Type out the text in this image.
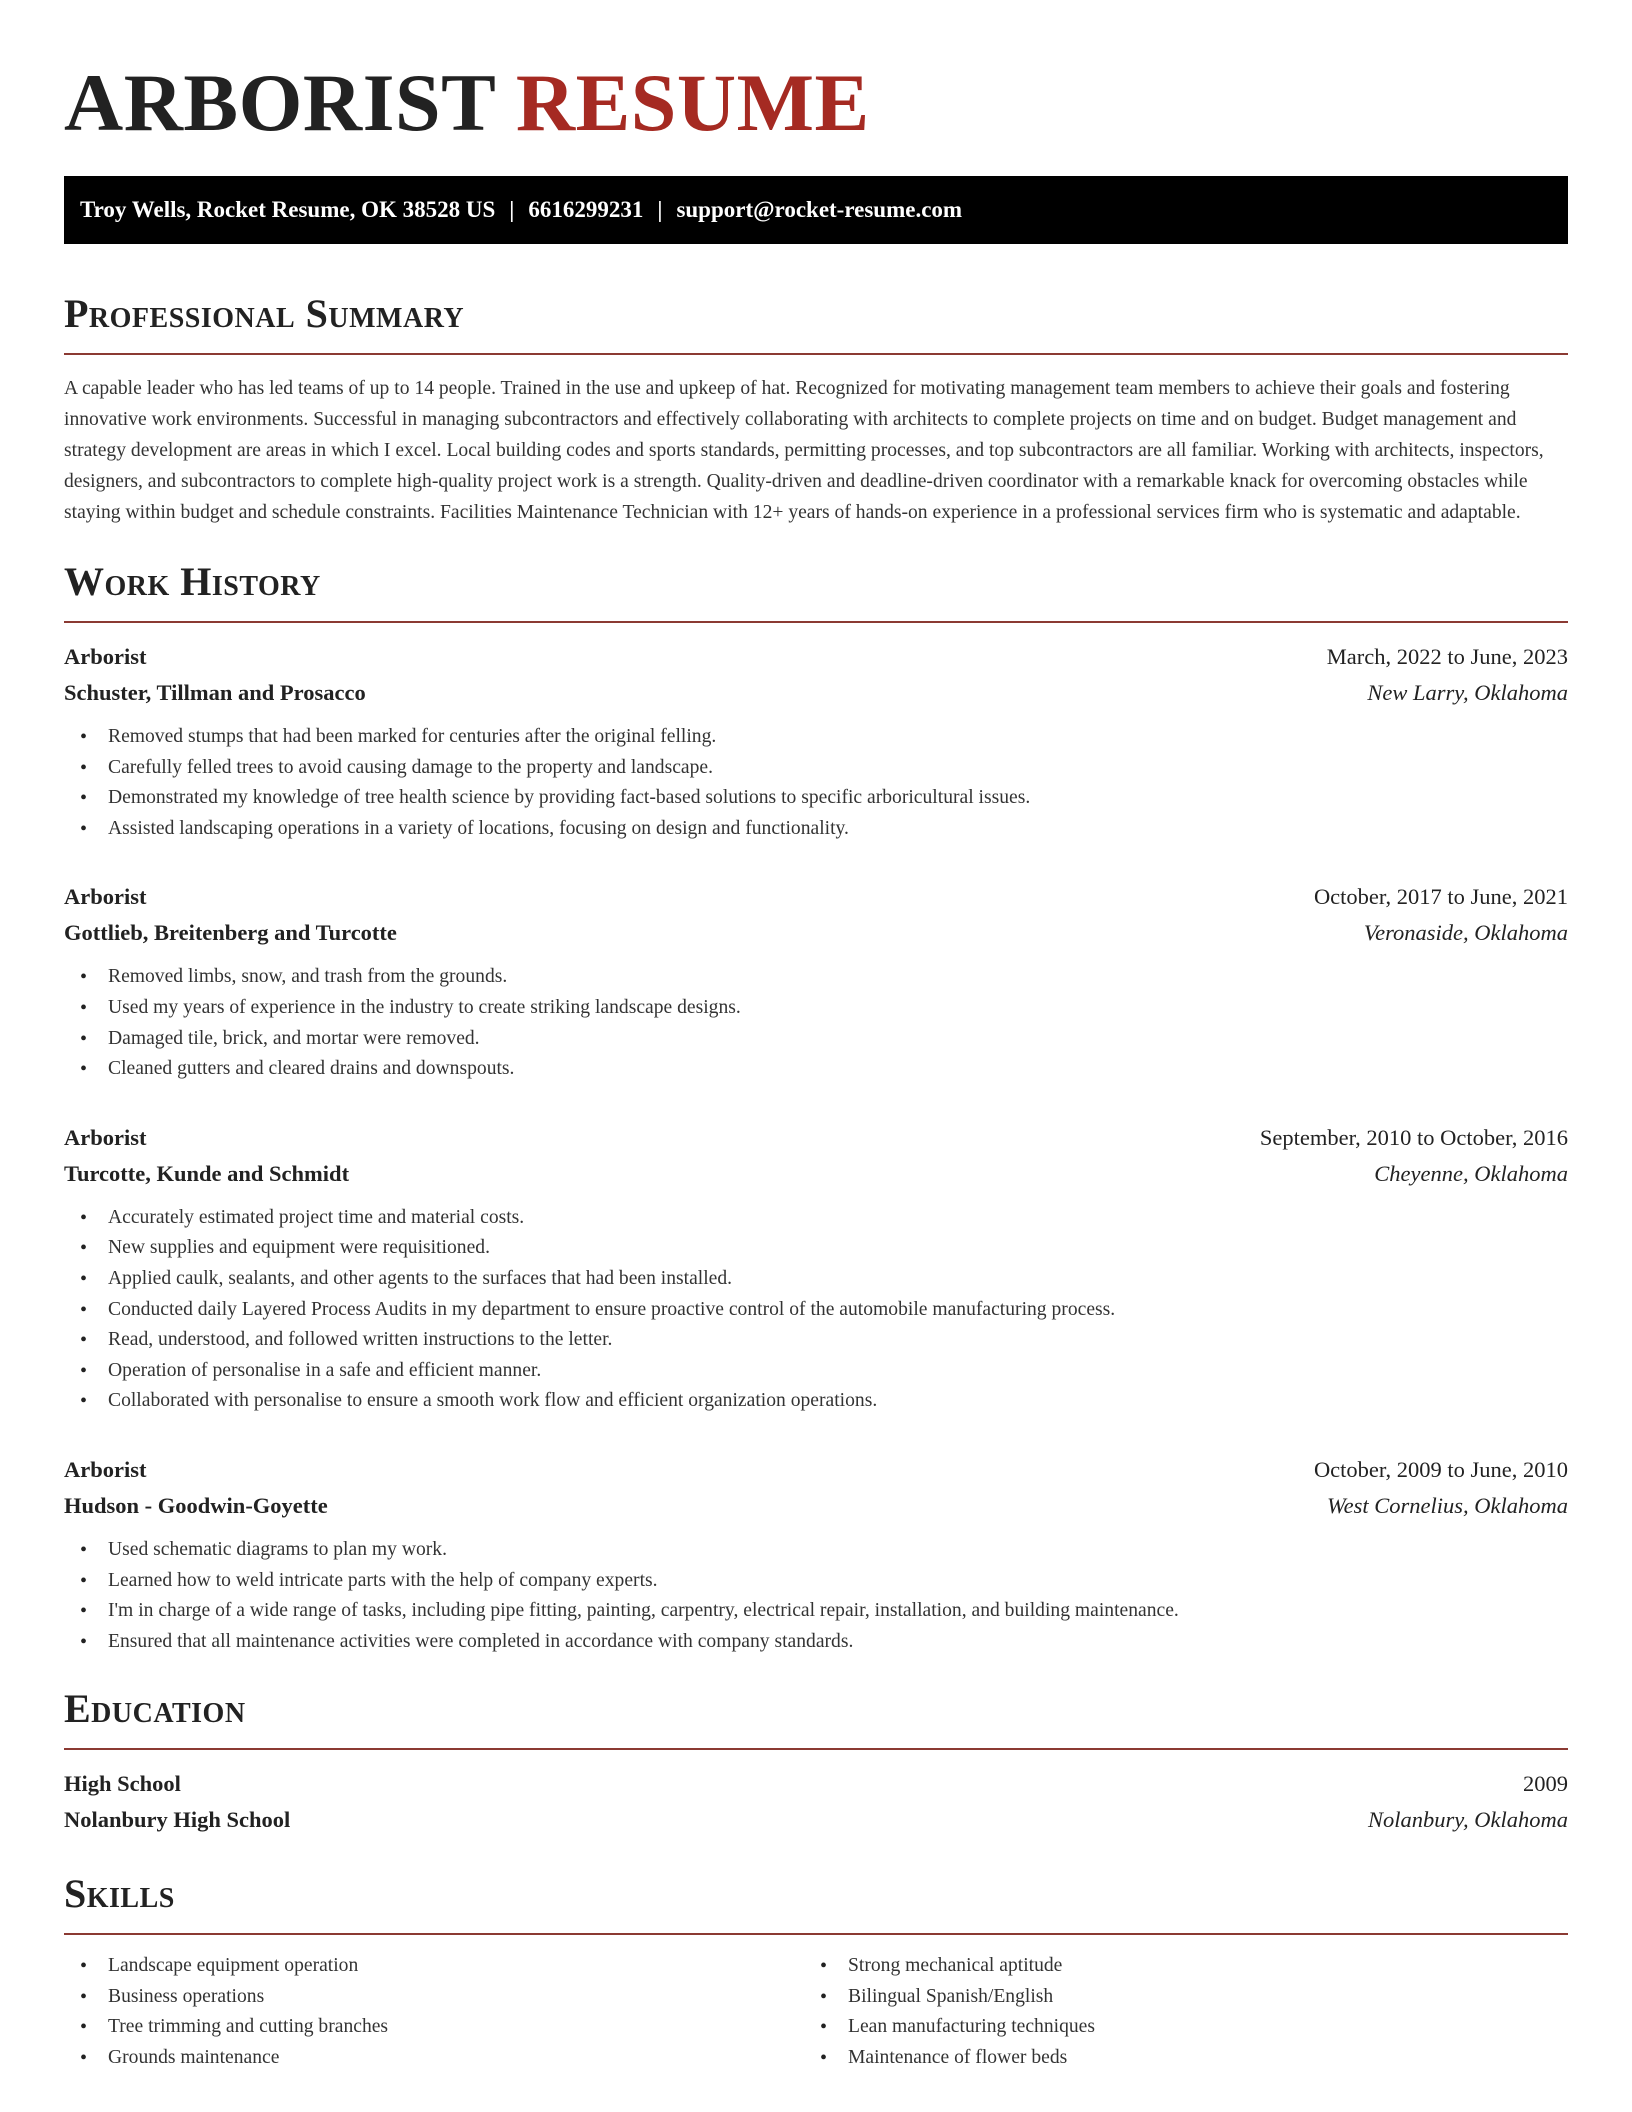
ARBORIST RESUME
Troy Wells, Rocket Resume, OK 38528 US | 6616299231 | support@rocket-resume.com
Professional Summary

A capable leader who has led teams of up to 14 people. Trained in the use and upkeep of hat. Recognized for motivating management team members to achieve their goals and fostering innovative work environments. Successful in managing subcontractors and effectively collaborating with architects to complete projects on time and on budget. Budget management and strategy development are areas in which I excel. Local building codes and sports standards, permitting processes, and top subcontractors are all familiar. Working with architects, inspectors, designers, and subcontractors to complete high-quality project work is a strength. Quality-driven and deadline-driven coordinator with a remarkable knack for overcoming obstacles while staying within budget and schedule constraints. Facilities Maintenance Technician with 12+ years of hands-on experience in a professional services firm who is systematic and adaptable.

Work History
Arborist	March, 2022 to June, 2023
Schuster, Tillman and Prosacco	New Larry, Oklahoma
• Removed stumps that had been marked for centuries after the original felling.
• Carefully felled trees to avoid causing damage to the property and landscape.
• Demonstrated my knowledge of tree health science by providing fact-based solutions to specific arboricultural issues.
• Assisted landscaping operations in a variety of locations, focusing on design and functionality.
Arborist	October, 2017 to June, 2021
Gottlieb, Breitenberg and Turcotte	Veronaside, Oklahoma
• Removed limbs, snow, and trash from the grounds.
• Used my years of experience in the industry to create striking landscape designs.
• Damaged tile, brick, and mortar were removed.
• Cleaned gutters and cleared drains and downspouts.
Arborist	September, 2010 to October, 2016
Turcotte, Kunde and Schmidt	Cheyenne, Oklahoma
• Accurately estimated project time and material costs.
• New supplies and equipment were requisitioned.
• Applied caulk, sealants, and other agents to the surfaces that had been installed.
• Conducted daily Layered Process Audits in my department to ensure proactive control of the automobile manufacturing process.
• Read, understood, and followed written instructions to the letter.
• Operation of personalise in a safe and efficient manner.
• Collaborated with personalise to ensure a smooth work flow and efficient organization operations.
Arborist	October, 2009 to June, 2010
Hudson - Goodwin-Goyette	West Cornelius, Oklahoma
• Used schematic diagrams to plan my work.
• Learned how to weld intricate parts with the help of company experts.
• I'm in charge of a wide range of tasks, including pipe fitting, painting, carpentry, electrical repair, installation, and building maintenance.
• Ensured that all maintenance activities were completed in accordance with company standards.
Education
High School	2009
Nolanbury High School	Nolanbury, Oklahoma
Skills
• Landscape equipment operation
• Business operations
• Tree trimming and cutting branches
• Grounds maintenance
• Strong mechanical aptitude
• Bilingual Spanish/English
• Lean manufacturing techniques
• Maintenance of flower beds
